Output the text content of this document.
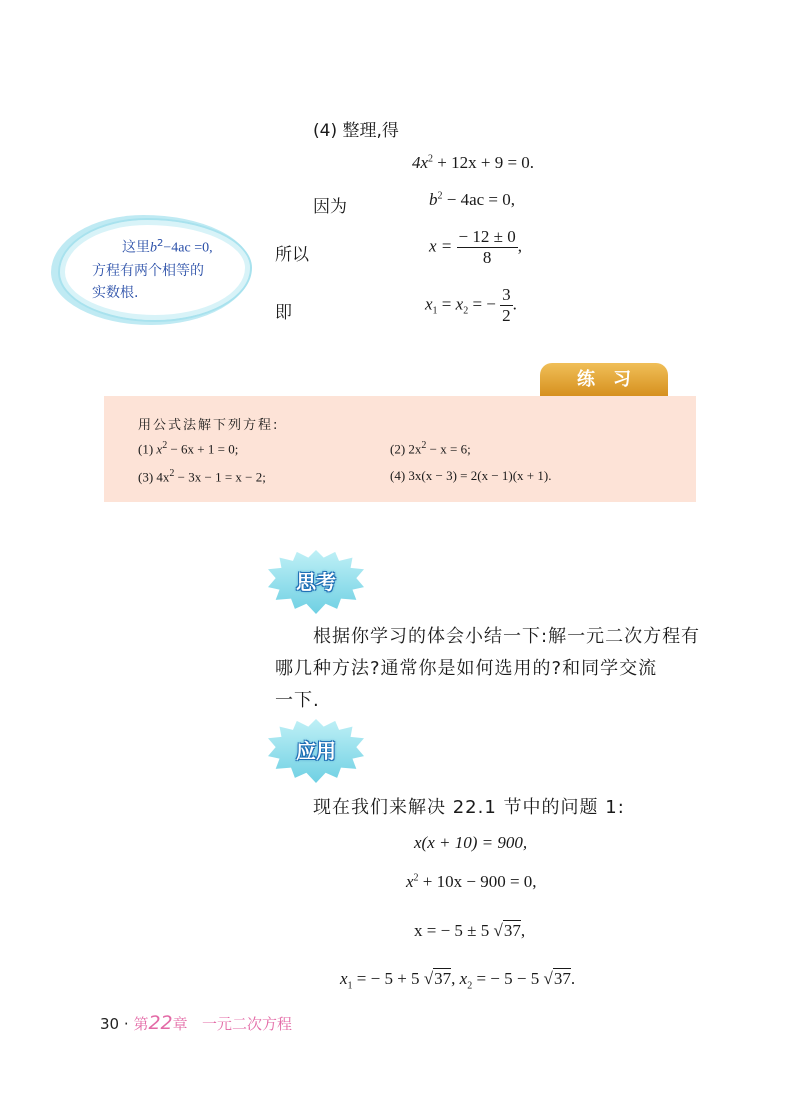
(4) 整理,得
$4x^2 + 12x + 9 = 0$.
因为	$b^2 - 4ac = 0$,
所以	$x = \frac{- 12 \pm 0}{8}$ ,
即	$x_1 = x_2$ = − $\frac{3}{2}$ .
这里$b^2-4ac =0$,
方程有两个相等的
实数根.
练习
用公式法解下列方程:
(1) $x^2 - 6x + 1 = 0$;	(2) $2x^2 - x = 6$;
(3) $4x^2 - 3x - 1 = x - 2$;	(4) 3x(x − 3) = 2(x − 1)(x + 1).
思考
根据你学习的体会小结一下:解一元二次方程有
哪几种方法?通常你是如何选用的?和同学交流
一下.
应用
现在我们来解决 22.1 节中的问题 1:
x(x + 10) = 900,
$x^2 + 10x - 900 = 0$,
x = − 5 ± 5 √37,
$x_1$ = − 5 + 5 √37, $x_2$ = − 5 − 5 √37.
30 · 第22章 一元二次方程
